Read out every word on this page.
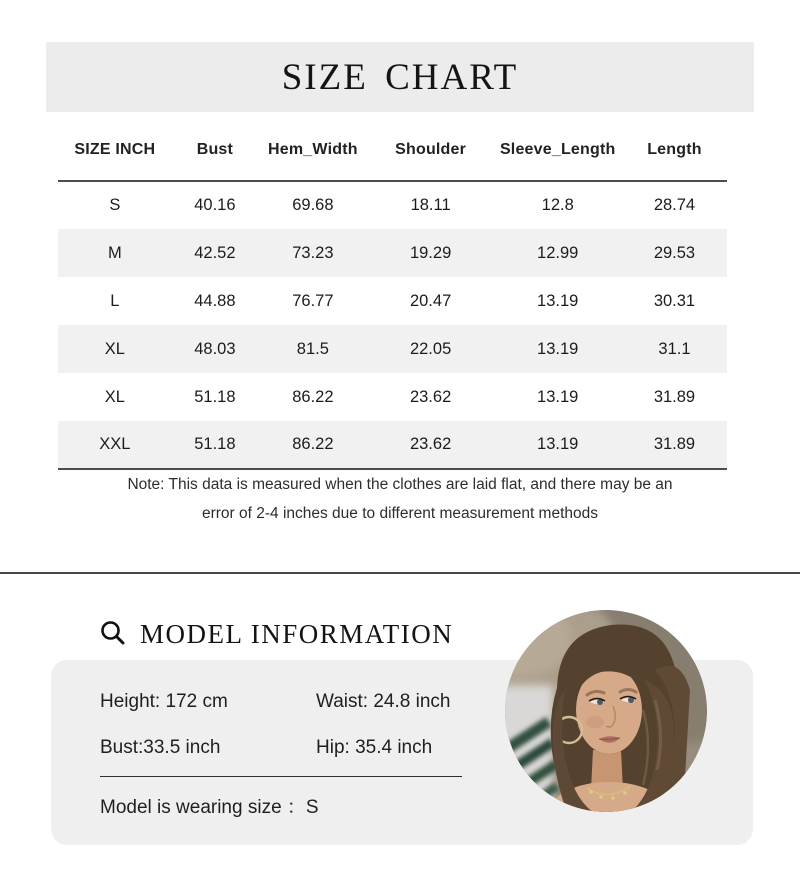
SIZE CHART
SIZE INCH	Bust	Hem_Width	Shoulder	Sleeve_Length	Length
S	40.16	69.68	18.11	12.8	28.74
M	42.52	73.23	19.29	12.99	29.53
L	44.88	76.77	20.47	13.19	30.31
XL	48.03	81.5	22.05	13.19	31.1
XL	51.18	86.22	23.62	13.19	31.89
XXL	51.18	86.22	23.62	13.19	31.89
Note: This data is measured when the clothes are laid flat, and there may be an
error of 2-4 inches due to different measurement methods
MODEL INFORMATION
Height: 172 cm	Waist: 24.8 inch
Bust:33.5 inch	Hip: 35.4 inch
Model is wearing size ：S
